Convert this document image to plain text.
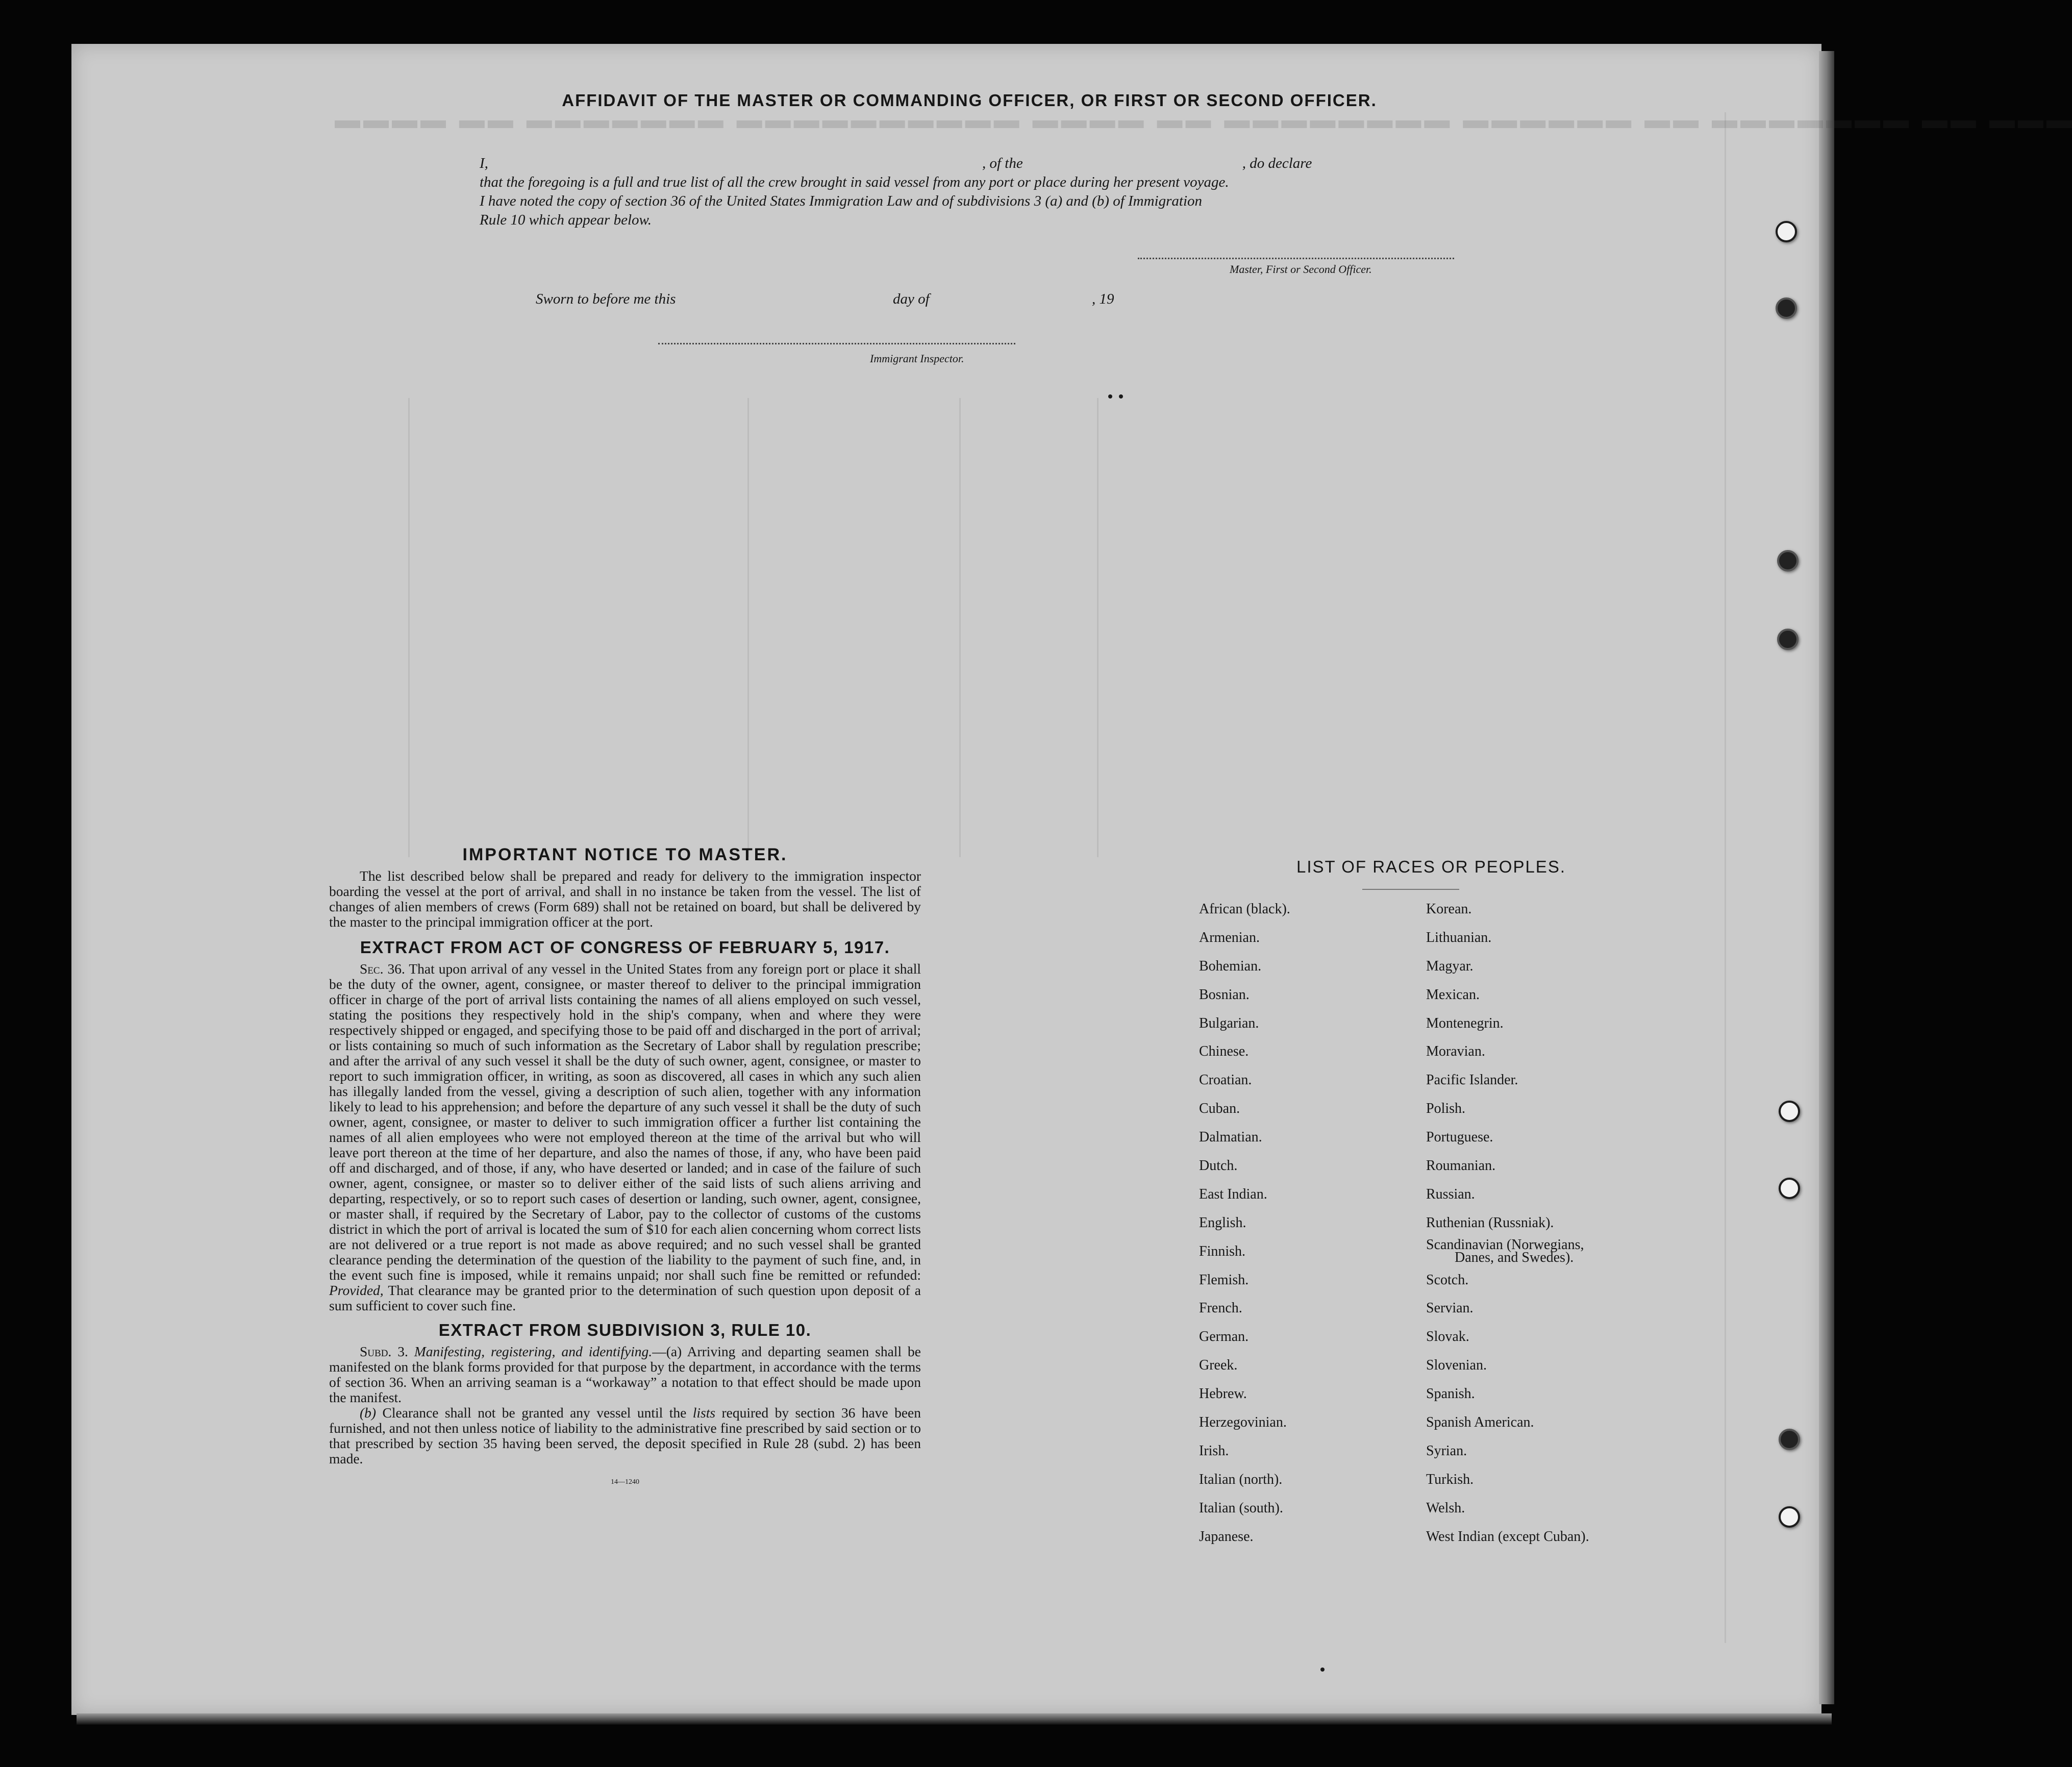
▬▬▬ ▬▬ ▬▬▬▬▬▬▬ ▬▬ ▬▬▬▬▬▬ ▬▬▬▬▬▬▬▬ ▬▬ ▬▬▬▬ ▬▬▬▬▬▬▬▬▬▬ ▬▬▬▬▬▬▬ ▬▬ ▬▬▬▬
AFFIDAVIT OF THE MASTER OR COMMANDING OFFICER, OR FIRST OR SECOND OFFICER.

I,	, of the	, do declare

that the foregoing is a full and true list of all the crew brought in said vessel from any port or place during her present voyage.

I have noted the copy of section 36 of the United States Immigration Law and of subdivisions 3 (a) and (b) of Immigration

Rule 10 which appear below.

Master, First or Second Officer.
Sworn to before me this	day of	, 19
Immigrant Inspector.
IMPORTANT NOTICE TO MASTER.

The list described below shall be prepared and ready for delivery to the immigration inspector boarding the vessel at the port of arrival, and shall in no instance be taken from the vessel. The list of changes of alien members of crews (Form 689) shall not be retained on board, but shall be delivered by the master to the principal immigration officer at the port.

EXTRACT FROM ACT OF CONGRESS OF FEBRUARY 5, 1917.

Sec. 36. That upon arrival of any vessel in the United States from any foreign port or place it shall be the duty of the owner, agent, consignee, or master thereof to deliver to the principal immigration officer in charge of the port of arrival lists containing the names of all aliens employed on such vessel, stating the positions they respectively hold in the ship's company, when and where they were respectively shipped or engaged, and specifying those to be paid off and discharged in the port of arrival; or lists containing so much of such information as the Secretary of Labor shall by regulation prescribe; and after the arrival of any such vessel it shall be the duty of such owner, agent, consignee, or master to report to such immigration officer, in writing, as soon as discovered, all cases in which any such alien has illegally landed from the vessel, giving a description of such alien, together with any information likely to lead to his apprehension; and before the departure of any such vessel it shall be the duty of such owner, agent, consignee, or master to deliver to such immigration officer a further list containing the names of all alien employees who were not employed thereon at the time of the arrival but who will leave port thereon at the time of her departure, and also the names of those, if any, who have been paid off and discharged, and of those, if any, who have deserted or landed; and in case of the failure of such owner, agent, consignee, or master so to deliver either of the said lists of such aliens arriving and departing, respectively, or so to report such cases of desertion or landing, such owner, agent, consignee, or master shall, if required by the Secretary of Labor, pay to the collector of customs of the customs district in which the port of arrival is located the sum of $10 for each alien concerning whom correct lists are not delivered or a true report is not made as above required; and no such vessel shall be granted clearance pending the determination of the question of the liability to the payment of such fine, and, in the event such fine is imposed, while it remains unpaid; nor shall such fine be remitted or refunded: Provided, That clearance may be granted prior to the determination of such question upon deposit of a sum sufficient to cover such fine.

EXTRACT FROM SUBDIVISION 3, RULE 10.

Subd. 3. Manifesting, registering, and identifying.—(a) Arriving and departing seamen shall be manifested on the blank forms provided for that purpose by the department, in accordance with the terms of section 36. When an arriving seaman is a “workaway” a notation to that effect should be made upon the manifest.

(b) Clearance shall not be granted any vessel until the lists required by section 36 have been furnished, and not then unless notice of liability to the administrative fine prescribed by said section or to that prescribed by section 35 having been served, the deposit specified in Rule 28 (subd. 2) has been made.

14—1240
LIST OF RACES OR PEOPLES.
African (black).	Korean.
Armenian.	Lithuanian.
Bohemian.	Magyar.
Bosnian.	Mexican.
Bulgarian.	Montenegrin.
Chinese.	Moravian.
Croatian.	Pacific Islander.
Cuban.	Polish.
Dalmatian.	Portuguese.
Dutch.	Roumanian.
East Indian.	Russian.
English.	Ruthenian (Russniak).
Finnish.	Scandinavian (Norwegians,
Danes, and Swedes).
Flemish.	Scotch.
French.	Servian.
German.	Slovak.
Greek.	Slovenian.
Hebrew.	Spanish.
Herzegovinian.	Spanish American.
Irish.	Syrian.
Italian (north).	Turkish.
Italian (south).	Welsh.
Japanese.	West Indian (except Cuban).
